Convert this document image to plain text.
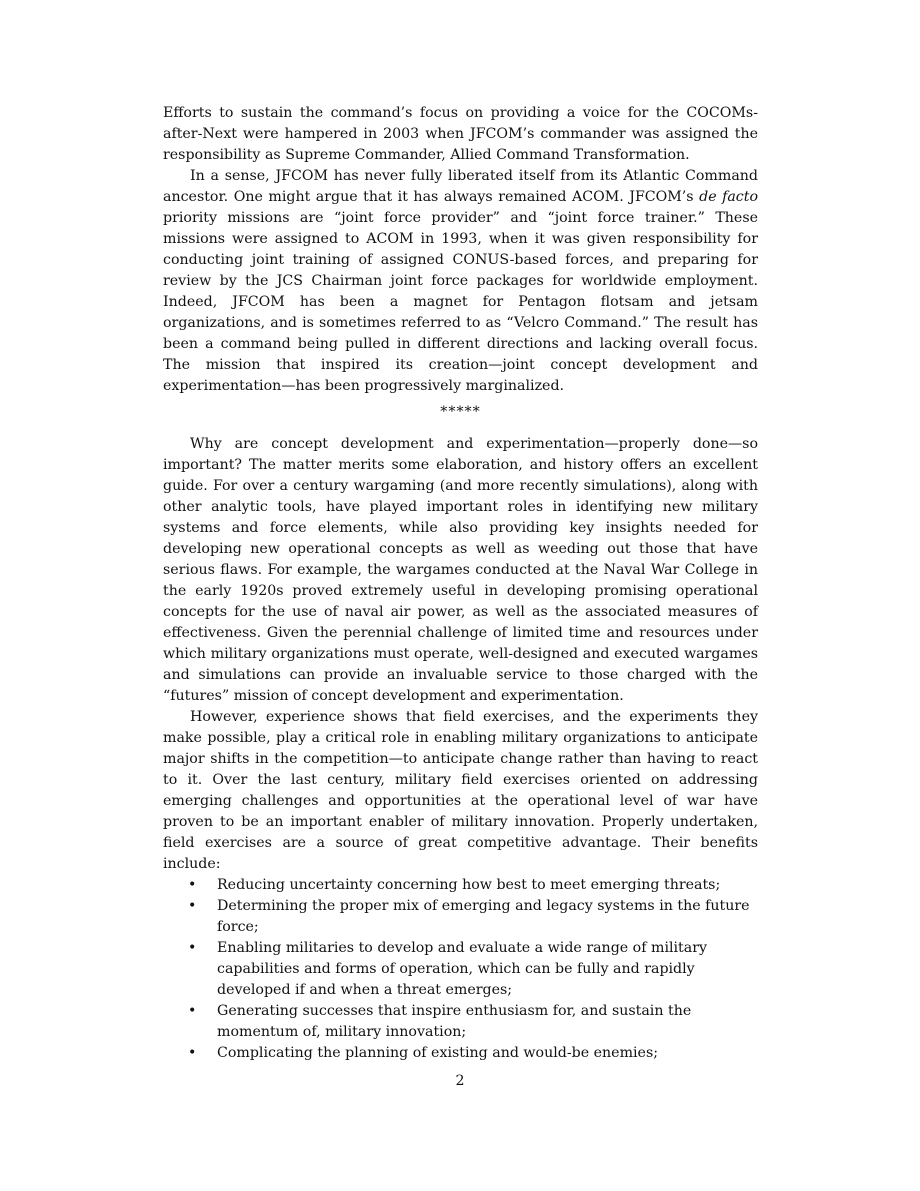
Efforts to sustain the command’s focus on providing a voice for the COCOMs-after-Next were hampered in 2003 when JFCOM’s commander was assigned the responsibility as Supreme Commander, Allied Command Transformation.

In a sense, JFCOM has never fully liberated itself from its Atlantic Command ancestor. One might argue that it has always remained ACOM. JFCOM’s de facto priority missions are “joint force provider” and “joint force trainer.” These missions were assigned to ACOM in 1993, when it was given responsibility for conducting joint training of assigned CONUS-based forces, and preparing for review by the JCS Chairman joint force packages for worldwide employment. Indeed, JFCOM has been a magnet for Pentagon flotsam and jetsam organizations, and is sometimes referred to as “Velcro Command.” The result has been a command being pulled in different directions and lacking overall focus. The mission that inspired its creation—joint concept development and experimentation—has been progressively marginalized.

*****

Why are concept development and experimentation—properly done—so important? The matter merits some elaboration, and history offers an excellent guide. For over a century wargaming (and more recently simulations), along with other analytic tools, have played important roles in identifying new military systems and force elements, while also providing key insights needed for developing new operational concepts as well as weeding out those that have serious flaws. For example, the wargames conducted at the Naval War College in the early 1920s proved extremely useful in developing promising operational concepts for the use of naval air power, as well as the associated measures of effectiveness. Given the perennial challenge of limited time and resources under which military organizations must operate, well-designed and executed wargames and simulations can provide an invaluable service to those charged with the “futures” mission of concept development and experimentation.

However, experience shows that field exercises, and the experiments they make possible, play a critical role in enabling military organizations to anticipate major shifts in the competition—to anticipate change rather than having to react to it. Over the last century, military field exercises oriented on addressing emerging challenges and opportunities at the operational level of war have proven to be an important enabler of military innovation. Properly undertaken, field exercises are a source of great competitive advantage. Their benefits include:

• Reducing uncertainty concerning how best to meet emerging threats;
• Determining the proper mix of emerging and legacy systems in the future force;
• Enabling militaries to develop and evaluate a wide range of military capabilities and forms of operation, which can be fully and rapidly developed if and when a threat emerges;
• Generating successes that inspire enthusiasm for, and sustain the momentum of, military innovation;
• Complicating the planning of existing and would-be enemies;
2
